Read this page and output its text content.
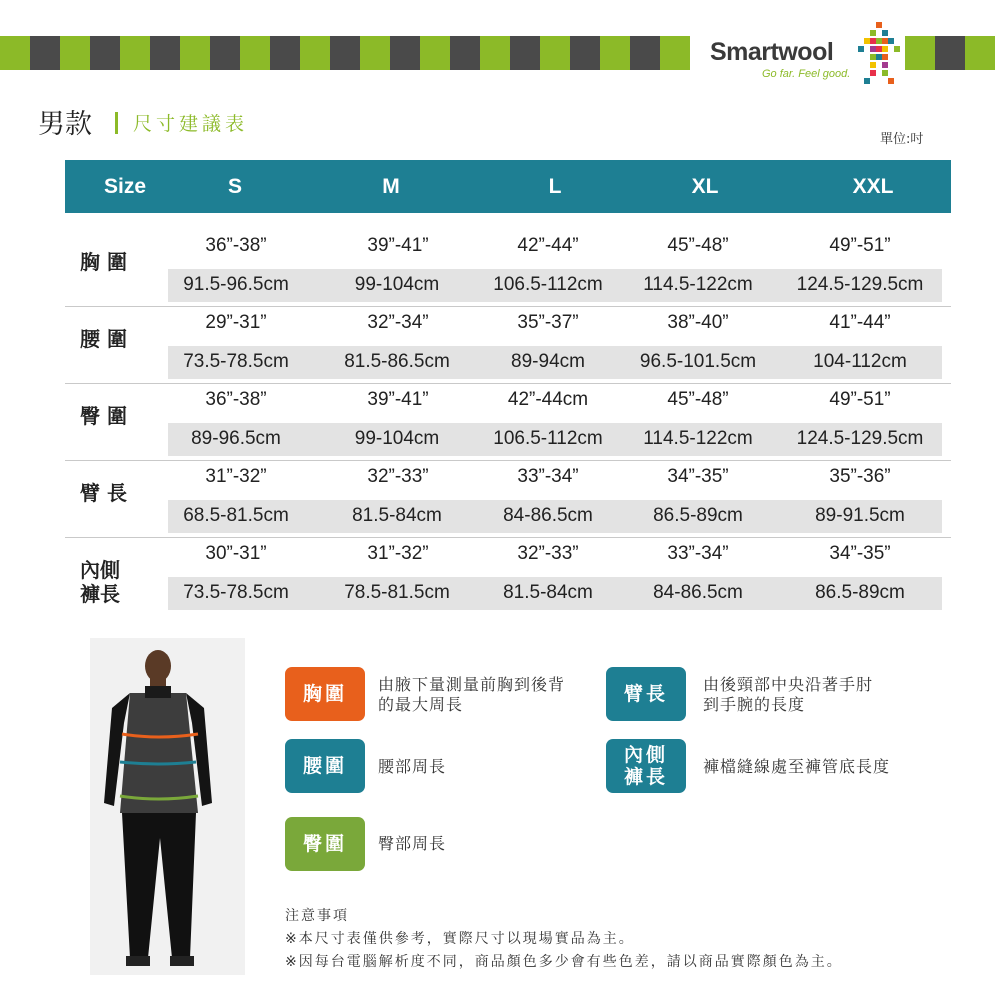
Smartwool
Go far. Feel good.
男款 尺寸建議表
單位:吋
Size	S	M	L	XL	XXL
胸 圍
36”-38”	39”-41”	42”-44”	45”-48”	49”-51”
91.5-96.5cm	99-104cm	106.5-112cm 114.5-122cm 124.5-129.5cm
腰 圍
29”-31”	32”-34”	35”-37”	38”-40”	41”-44”
73.5-78.5cm	81.5-86.5cm	89-94cm	96.5-101.5cm	104-112cm
臀 圍
36”-38”	39”-41”	42”-44cm	45”-48”	49”-51”
89-96.5cm	99-104cm	106.5-112cm 114.5-122cm 124.5-129.5cm
臂 長
31”-32”	32”-33”	33”-34”	34”-35”	35”-36”
68.5-81.5cm	81.5-84cm	84-86.5cm	86.5-89cm	89-91.5cm
內側
褲長
30”-31”	31”-32”	32”-33”	33”-34”	34”-35”
73.5-78.5cm	78.5-81.5cm	81.5-84cm	84-86.5cm	86.5-89cm
胸圍	由腋下量測量前胸到後背
的最大周長	臂長	由後頸部中央沿著手肘
到手腕的長度
腰圍	腰部周長
內側
褲長	褲檔縫線處至褲管底長度
臀圍	臀部周長
注意事項
※本尺寸表僅供參考，實際尺寸以現場實品為主。
※因每台電腦解析度不同，商品顏色多少會有些色差，請以商品實際顏色為主。
